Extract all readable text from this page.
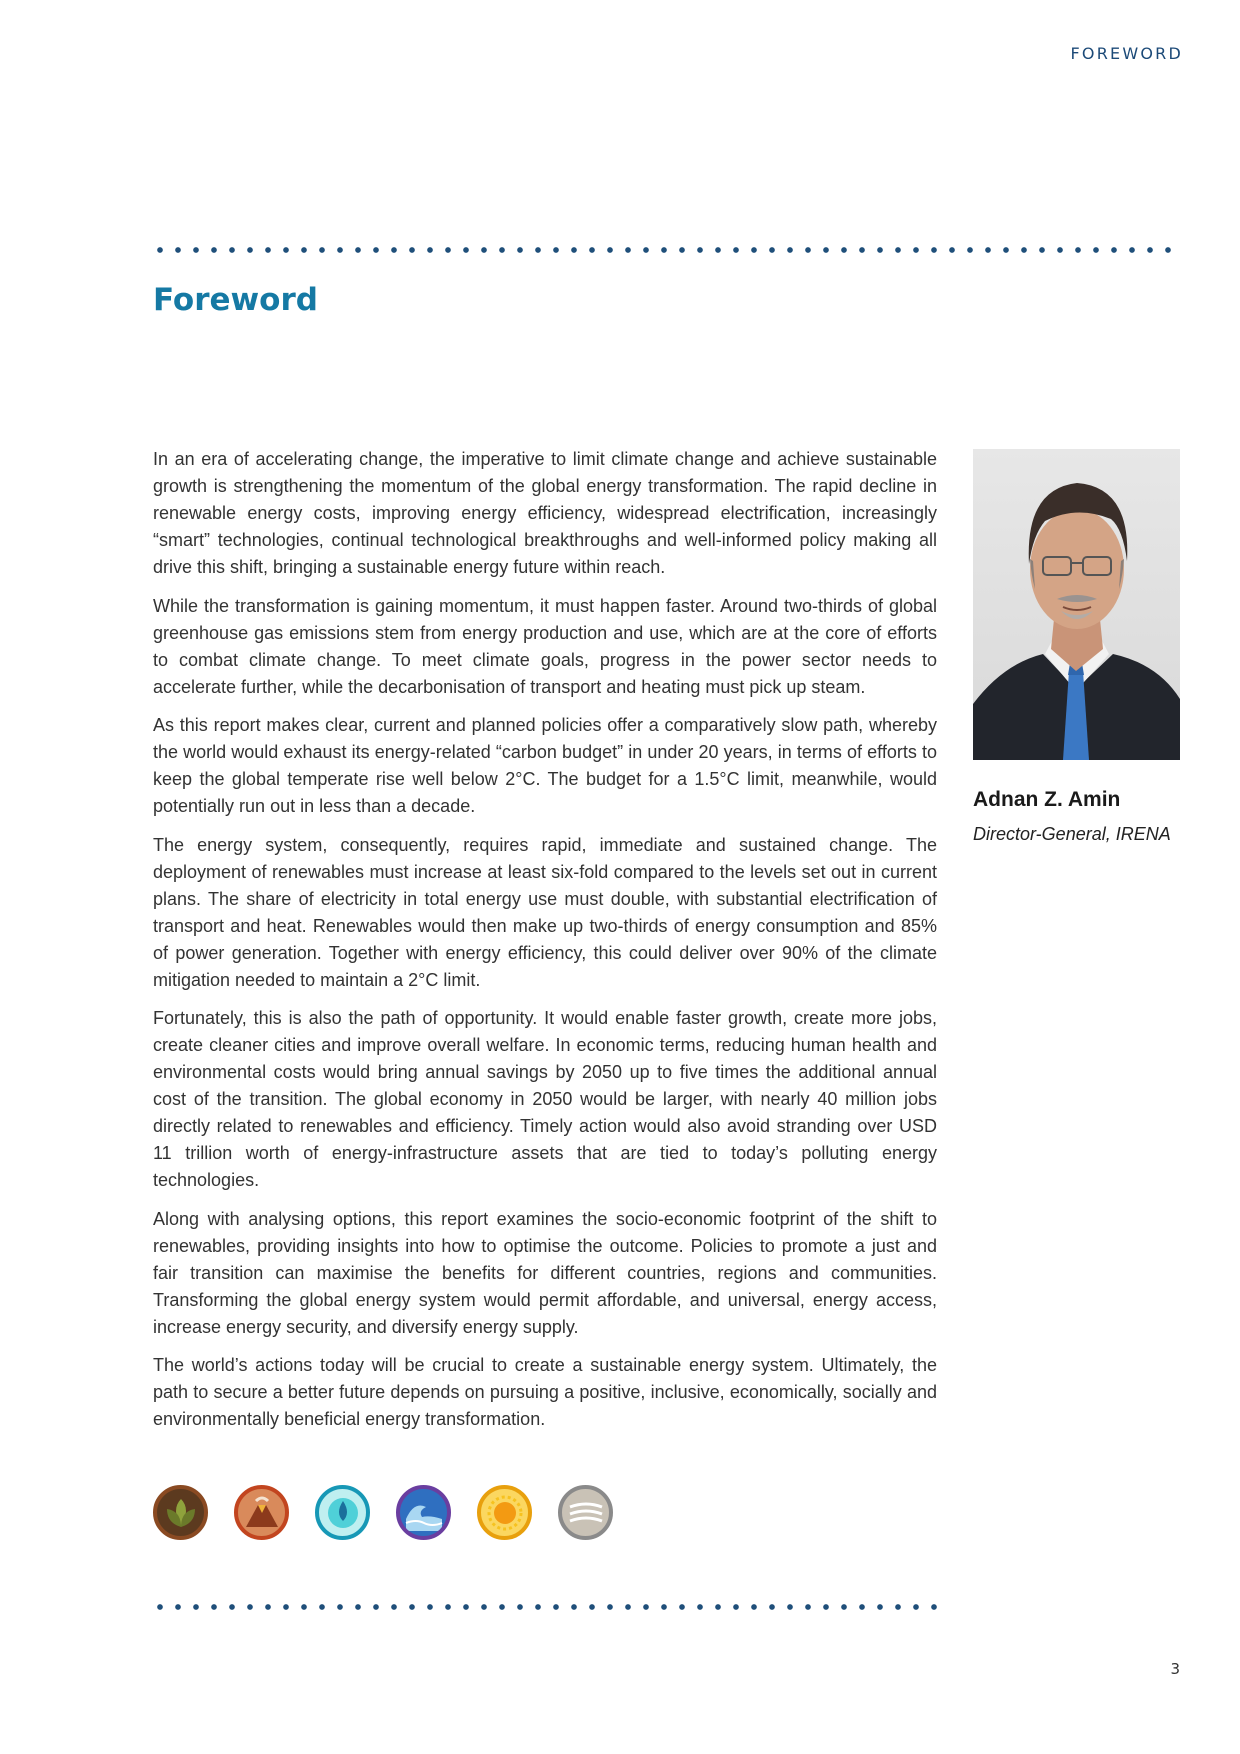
FOREWORD
Foreword

In an era of accelerating change, the imperative to limit climate change and achieve sustainable growth is strengthening the momentum of the global energy transformation. The rapid decline in renewable energy costs, improving energy efficiency, widespread electrification, increasingly “smart” technologies, continual technological breakthroughs and well-informed policy making all drive this shift, bringing a sustainable energy future within reach.

While the transformation is gaining momentum, it must happen faster. Around two-thirds of global greenhouse gas emissions stem from energy production and use, which are at the core of efforts to combat climate change. To meet climate goals, progress in the power sector needs to accelerate further, while the decarbonisation of transport and heating must pick up steam.

As this report makes clear, current and planned policies offer a comparatively slow path, whereby the world would exhaust its energy-related “carbon budget” in under 20 years, in terms of efforts to keep the global temperate rise well below 2°C. The budget for a 1.5°C limit, meanwhile, would potentially run out in less than a decade.

The energy system, consequently, requires rapid, immediate and sustained change. The deployment of renewables must increase at least six-fold compared to the levels set out in current plans. The share of electricity in total energy use must double, with substantial electrification of transport and heat. Renewables would then make up two-thirds of energy consumption and 85% of power generation. Together with energy efficiency, this could deliver over 90% of the climate mitigation needed to maintain a 2°C limit.

Fortunately, this is also the path of opportunity. It would enable faster growth, create more jobs, create cleaner cities and improve overall welfare. In economic terms, reducing human health and environmental costs would bring annual savings by 2050 up to five times the additional annual cost of the transition. The global economy in 2050 would be larger, with nearly 40 million jobs directly related to renewables and efficiency. Timely action would also avoid stranding over USD 11 trillion worth of energy-infrastructure assets that are tied to today’s polluting energy technologies.

Along with analysing options, this report examines the socio-economic footprint of the shift to renewables, providing insights into how to optimise the outcome. Policies to promote a just and fair transition can maximise the benefits for different countries, regions and communities. Transforming the global energy system would permit affordable, and universal, energy access, increase energy security, and diversify energy supply.

The world’s actions today will be crucial to create a sustainable energy system. Ultimately, the path to secure a better future depends on pursuing a positive, inclusive, economically, socially and environmentally beneficial energy transformation.

Adnan Z. Amin

Director-General, IRENA

3
